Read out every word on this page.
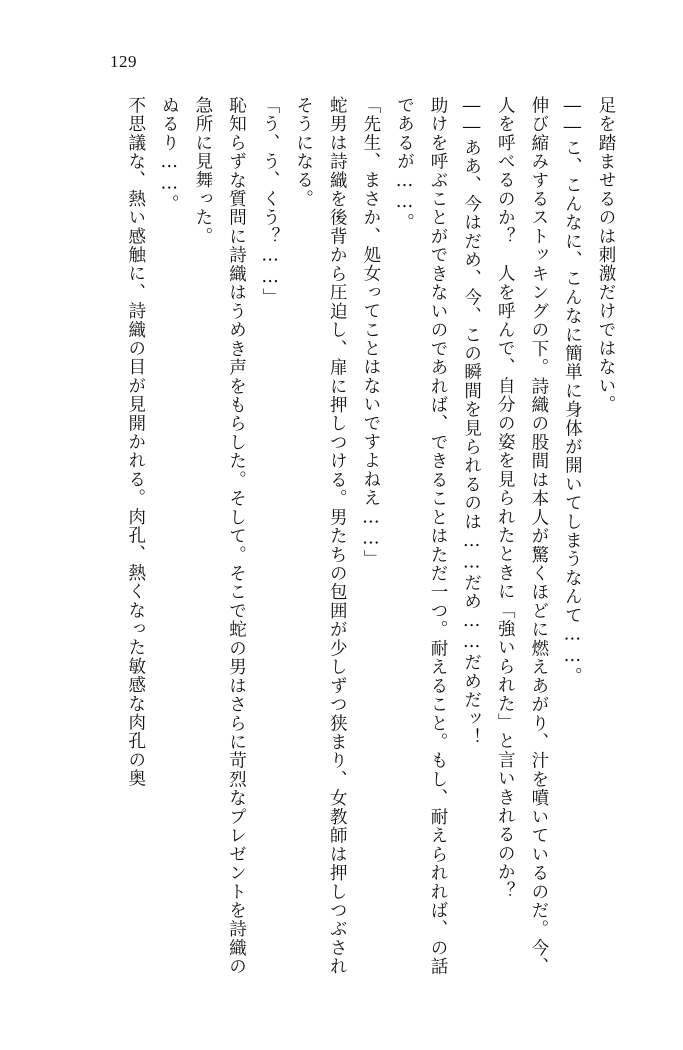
129

足を踏ませるのは刺激だけではない。

――こ、こんなに、こんなに簡単に身体が開いてしまうなんて……。

伸び縮みするストッキングの下。詩織の股間は本人が驚くほどに燃えあがり、汁を噴いているのだ。今、人を呼べるのか？　人を呼んで、自分の姿を見られたときに「強いられた」と言いきれるのか？

――ああ、今はだめ、今、この瞬間を見られるのは……だめ……だめだッ！

助けを呼ぶことができないのであれば、できることはただ一つ。耐えること。もし、耐えられれば、の話であるが……。

「先生、まさか、処女ってことはないですよねえ……」

蛇男は詩織を後背から圧迫し、扉に押しつける。男たちの包囲が少しずつ狭まり、女教師は押しつぶされそうになる。

「う、う、くう？……」

恥知らずな質問に詩織はうめき声をもらした。そして。そこで蛇の男はさらに苛烈なプレゼントを詩織の急所に見舞った。

ぬるり……。

不思議な、熱い感触に、詩織の目が見開かれる。肉孔、熱くなった敏感な肉孔の奥
